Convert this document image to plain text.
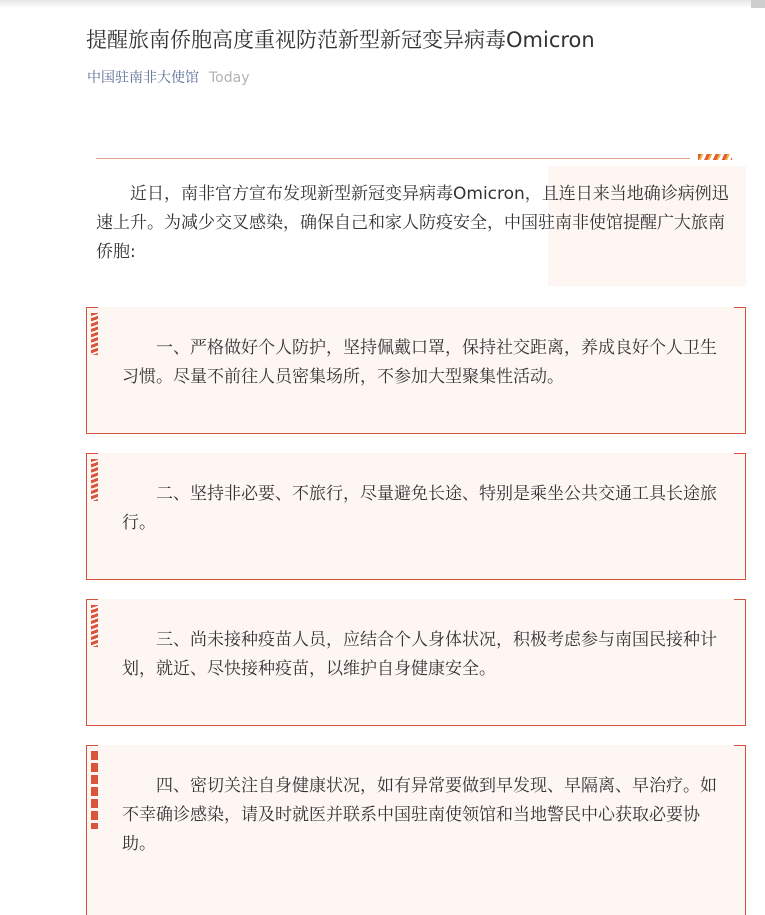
提醒旅南侨胞高度重视防范新型新冠变异病毒Omicron
中国驻南非大使馆 Today

近日，南非官方宣布发现新型新冠变异病毒Omicron，且连日来当地确诊病例迅速上升。为减少交叉感染，确保自己和家人防疫安全，中国驻南非使馆提醒广大旅南侨胞:

一、严格做好个人防护，坚持佩戴口罩，保持社交距离，养成良好个人卫生习惯。尽量不前往人员密集场所，不参加大型聚集性活动。

二、坚持非必要、不旅行，尽量避免长途、特别是乘坐公共交通工具长途旅行。

三、尚未接种疫苗人员，应结合个人身体状况，积极考虑参与南国民接种计划，就近、尽快接种疫苗，以维护自身健康安全。

四、密切关注自身健康状况，如有异常要做到早发现、早隔离、早治疗。如不幸确诊感染，请及时就医并联系中国驻南使领馆和当地警民中心获取必要协助。
